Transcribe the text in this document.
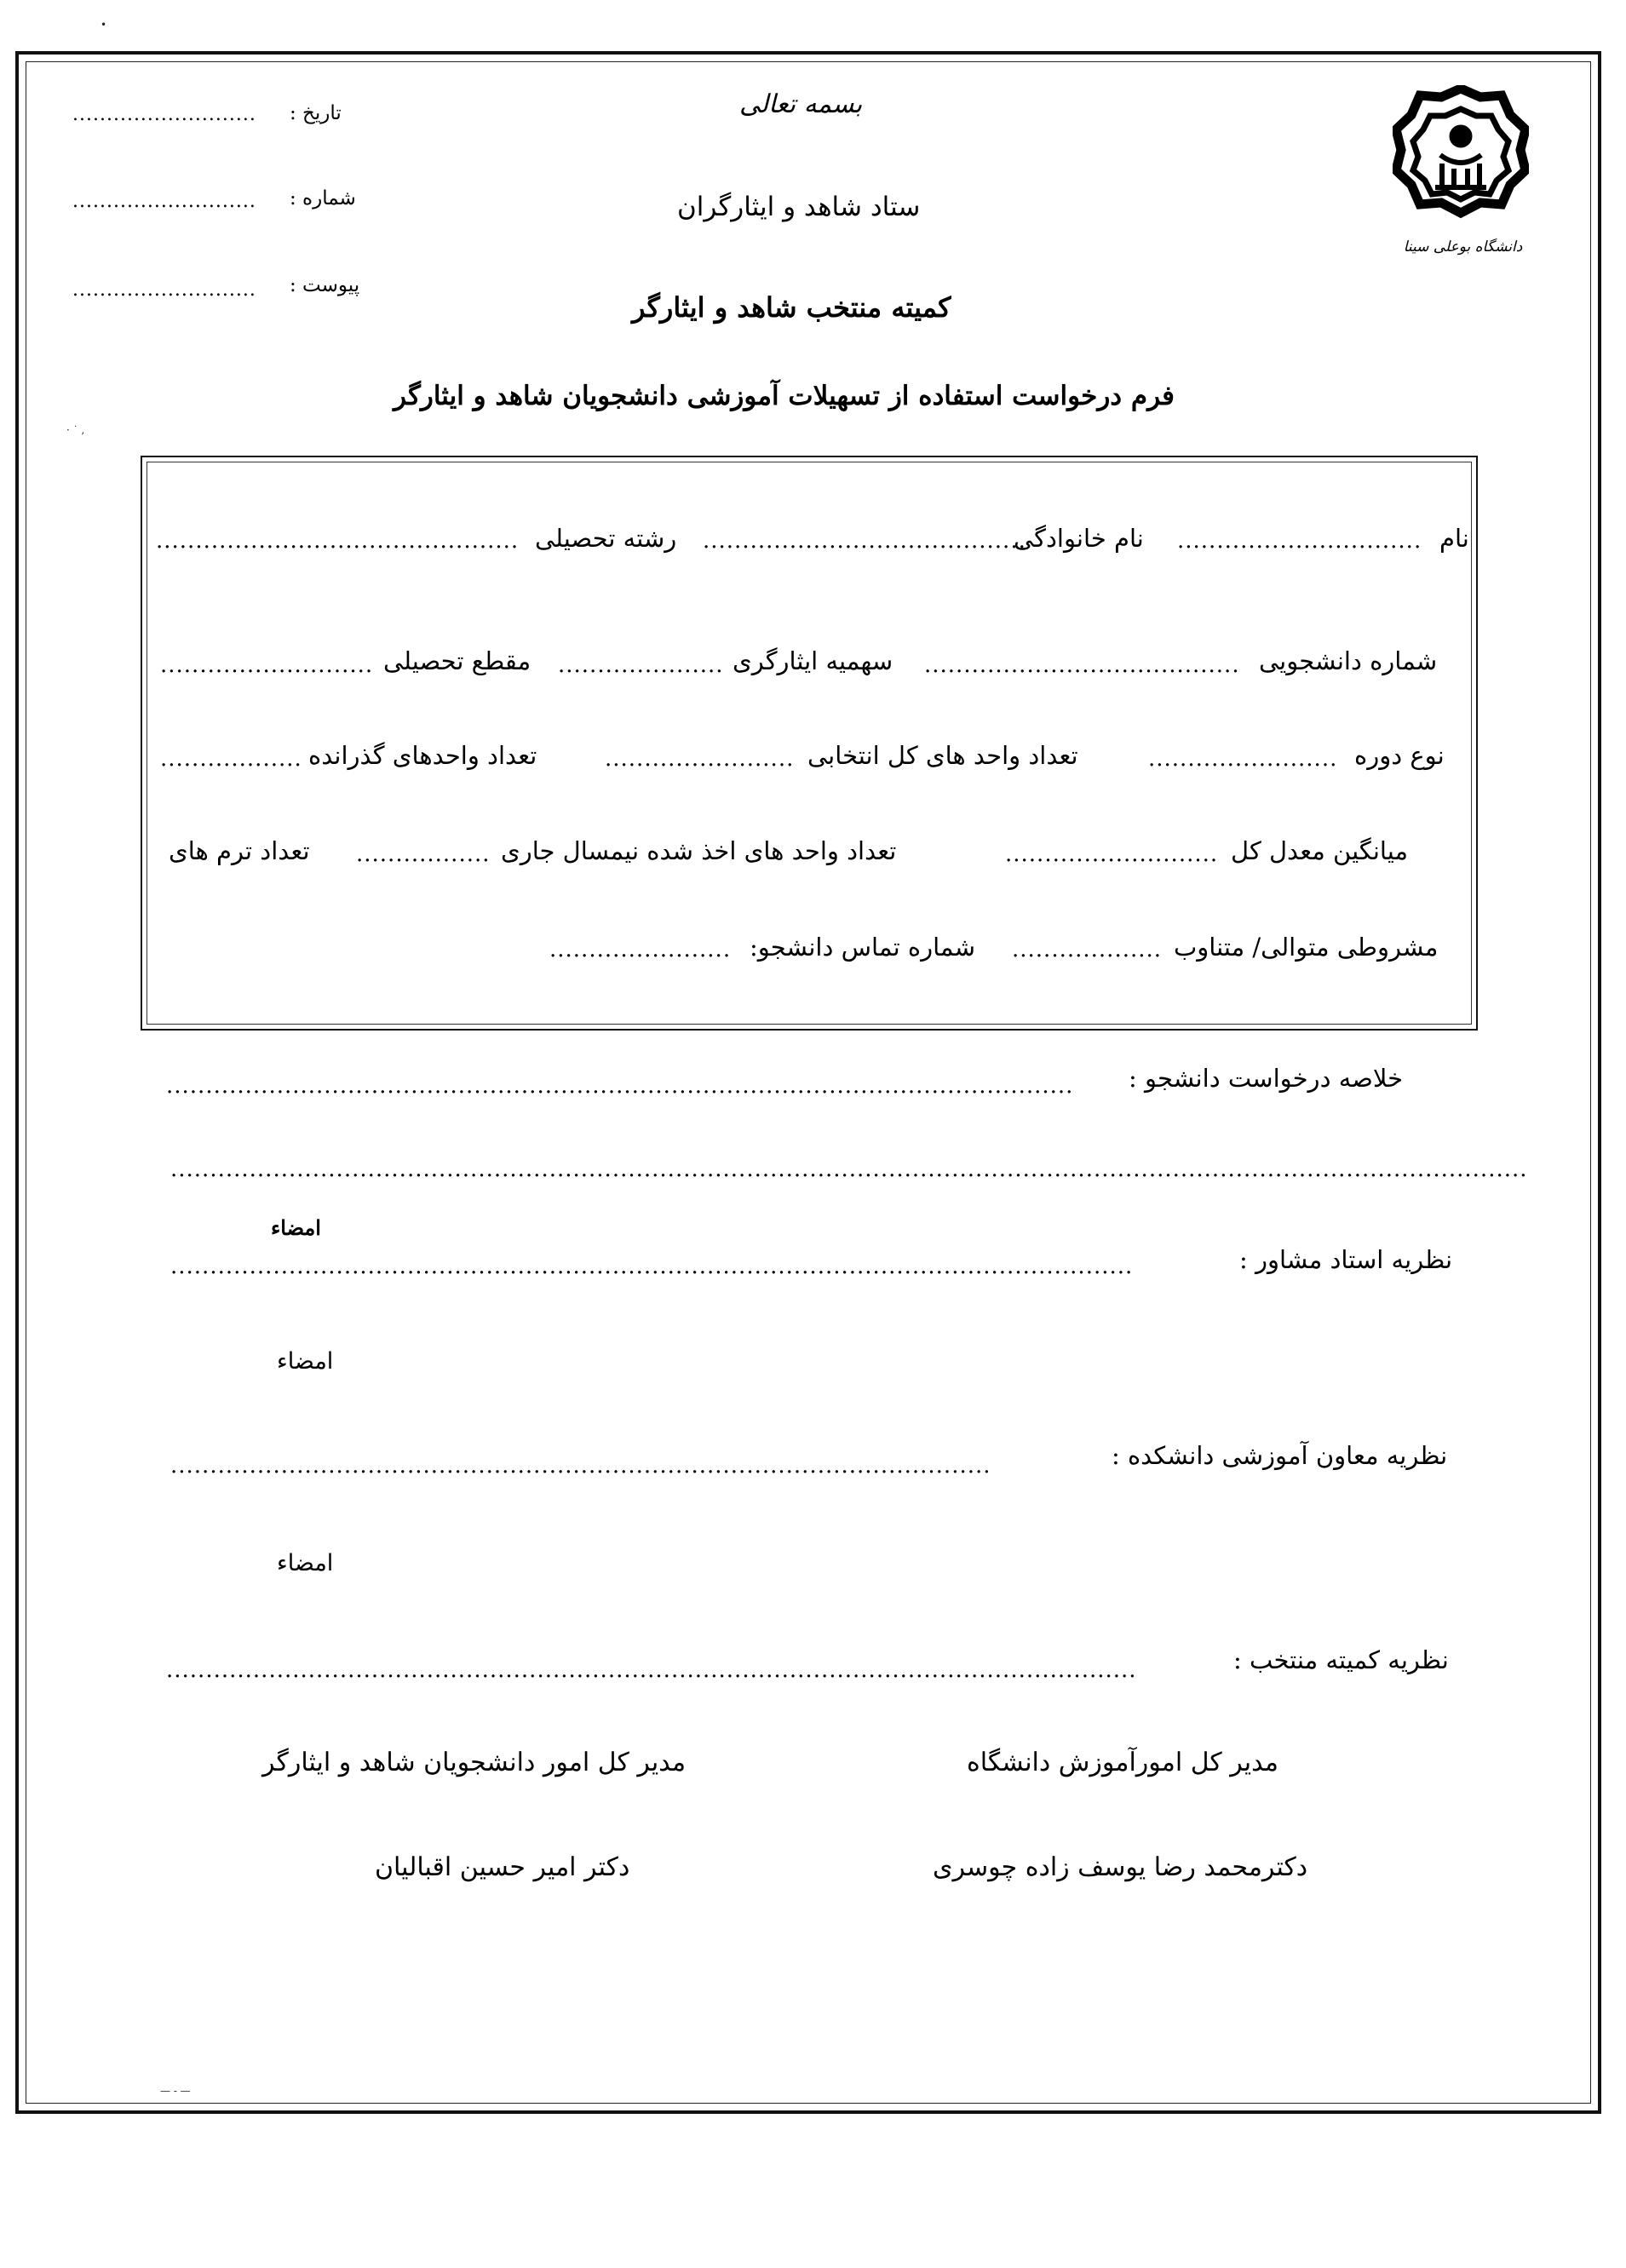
•
· ˙ ,
تاریخ :
...........................
شماره :
...........................
پیوست :
...........................
بسمه تعالی
ستاد شاهد و ایثارگران
کمیته منتخب شاهد و ایثارگر
فرم درخواست استفاده از تسهیلات آموزشی دانشجویان شاهد و ایثارگر
دانشگاه بوعلی سینا
نام
...............................
نام خانوادگی
.........................................
رشته تحصیلی
..............................................
شماره دانشجویی
........................................
سهمیه ایثارگری
.....................
مقطع تحصیلی
...........................
نوع دوره
........................
تعداد واحد های کل انتخابی
........................
تعداد واحدهای گذرانده
..................
میانگین معدل کل
...........................
تعداد واحد های اخذ شده نیمسال جاری
.................
تعداد ترم های
مشروطی متوالی/ متناوب
...................
شماره تماس دانشجو:
.......................
خلاصه درخواست دانشجو :
...................................................................................................................
............................................................................................................................................................................
امضاء
نظریه استاد مشاور :
..........................................................................................................................
امضاء
نظریه معاون آموزشی دانشکده :
........................................................................................................
امضاء
نظریه کمیته منتخب :
...........................................................................................................................
مدیر کل امور دانشجویان شاهد و ایثارگر	مدیر کل امورآموزش دانشگاه
دکتر امیر حسین اقبالیان	دکترمحمد رضا یوسف زاده چوسری
— - —
